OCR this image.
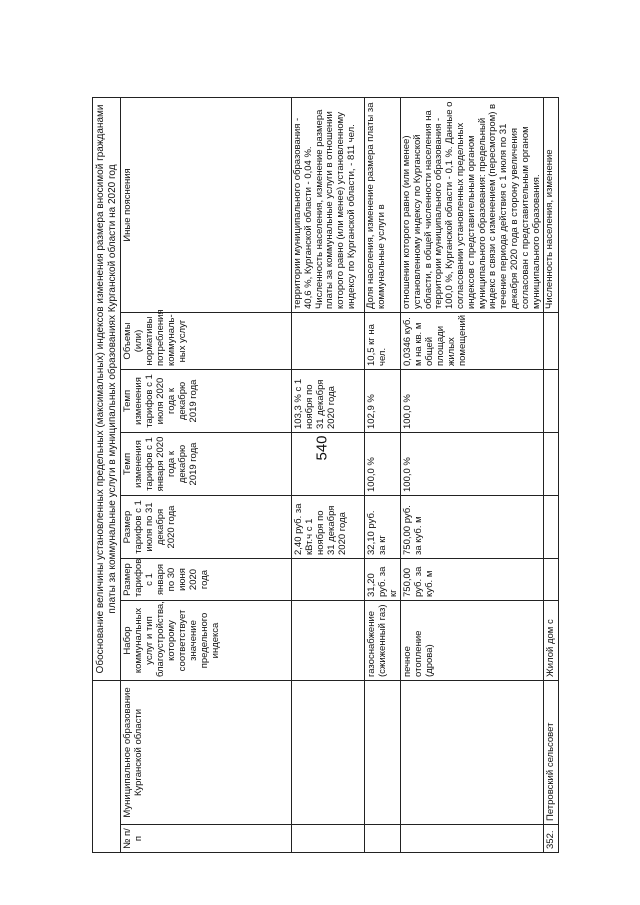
540
		Обоснование величины установленных предельных (максимальных) индексов изменения размера вносимой гражданами платы за коммунальные услуги в муниципальных образованиях Курганской области на 2020 год						
№ п/п	Муниципальное образование Курганской области	Набор коммунальных услуг и тип благоустройства, которому соответствует значение предельного индекса	Размер тарифов с 1 января по 30 июня 2020 года	Размер тарифов с 1 июля по 31 декабря 2020 года	Темп изменения тарифов с 1 января 2020 года к декабрю 2019 года	Темп изменения тарифов с 1 июля 2020 года к декабрю 2019 года	Объемы (или) нормативы потребления коммуналь-ных услуг	Иные пояснения
				2,40 руб. за кВт.ч с 1 ноября по 31 декабря 2020 года		103,3 % с 1 ноября по 31 декабря 2020 года		территории муниципального образования - 40,6 %, Курганской области - 0,04 %. Численность населения, изменение размера платы за коммунальные услуги в отношении которого равно (или менее) установленному индексу по Курганской области, - 811 чел.
		газоснабжение (сжиженный газ)	31,20 руб. за кг	32,10 руб. за кг	100,0 %	102,9 %	10,5 кг на чел.	Доля населения, изменение размера платы за коммунальные услуги в
		печное отопление (дрова)	750,00 руб. за куб. м	750,00 руб. за куб. м	100,0 %	100,0 %	0,0346 куб. м на кв. м общей площади жилых помещений	отношении которого равно (или менее) установленному индексу по Курганской области, в общей численности населения на территории муниципального образования - 100,0 %, Курганской области - 0,1 %. Данные о согласовании установленных предельных индексов с представительным органом муниципального образования: предельный индекс в связи с изменением (пересмотром) в течение периода действия с 1 июля по 31 декабря 2020 года в сторону увеличения согласован с представительным органом муниципального образования.
352.	Петровский сельсовет	Жилой дом с						Численность населения, изменение
